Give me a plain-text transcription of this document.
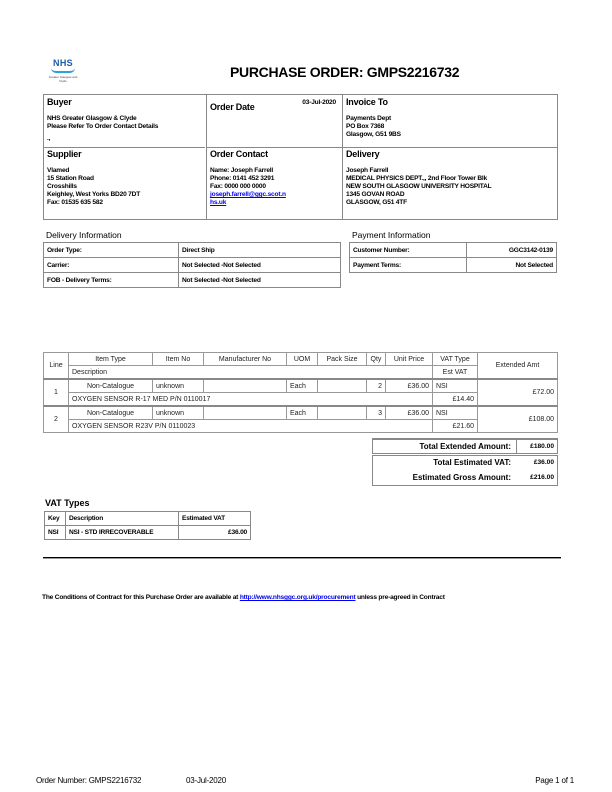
NHS
Greater Glasgow and Clyde
PURCHASE ORDER: GMPS2216732
Buyer
NHS Greater Glasgow & Clyde
Please Refer To Order Contact Details
.,
Order Date	03-Jul-2020 Invoice To
Payments Dept
PO Box 7368
Glasgow, G51 9BS
Supplier
Vlamed
15 Station Road
Crosshills
Keighley, West Yorks BD20 7DT
Fax: 01535 635 582
Order Contact
Name: Joseph Farrell
Phone: 0141 452 3291
Fax: 0000 000 0000
joseph.farrell@ggc.scot.n
hs.uk
Delivery
Joseph Farrell
MEDICAL PHYSICS DEPT.,, 2nd Floor Tower Blk
NEW SOUTH GLASGOW UNIVERSITY HOSPITAL
1345 GOVAN ROAD
GLASGOW, G51 4TF
Delivery Information
Order Type:	Direct Ship
Carrier:	Not Selected -Not Selected
FOB - Delivery Terms:	Not Selected -Not Selected
Payment Information
Customer Number:	GGC3142-0139
Payment Terms:	Not Selected
Line	Item Type	Item No	Manufacturer No	UOM	Pack Size	Qty	Unit Price	VAT Type	Extended Amt
	Description							Est VAT	
1	Non-Catalogue	unknown		Each		2	£36.00	NSI	£72.00
	OXYGEN SENSOR R-17 MED P/N 0110017							£14.40	
2	Non-Catalogue	unknown		Each		3	£36.00	NSI	£108.00
	OXYGEN SENSOR R23V P/N 0110023							£21.60	
Total Extended Amount:	£180.00
Total Estimated VAT:	£36.00
Estimated Gross Amount:	£216.00
VAT Types
Key	Description	Estimated VAT
NSI	NSI - STD IRRECOVERABLE	£36.00
The Conditions of Contract for this Purchase Order are available at http://www.nhsggc.org.uk/procurement unless pre-agreed in Contract
Order Number: GMPS2216732	03-Jul-2020	Page 1 of 1
